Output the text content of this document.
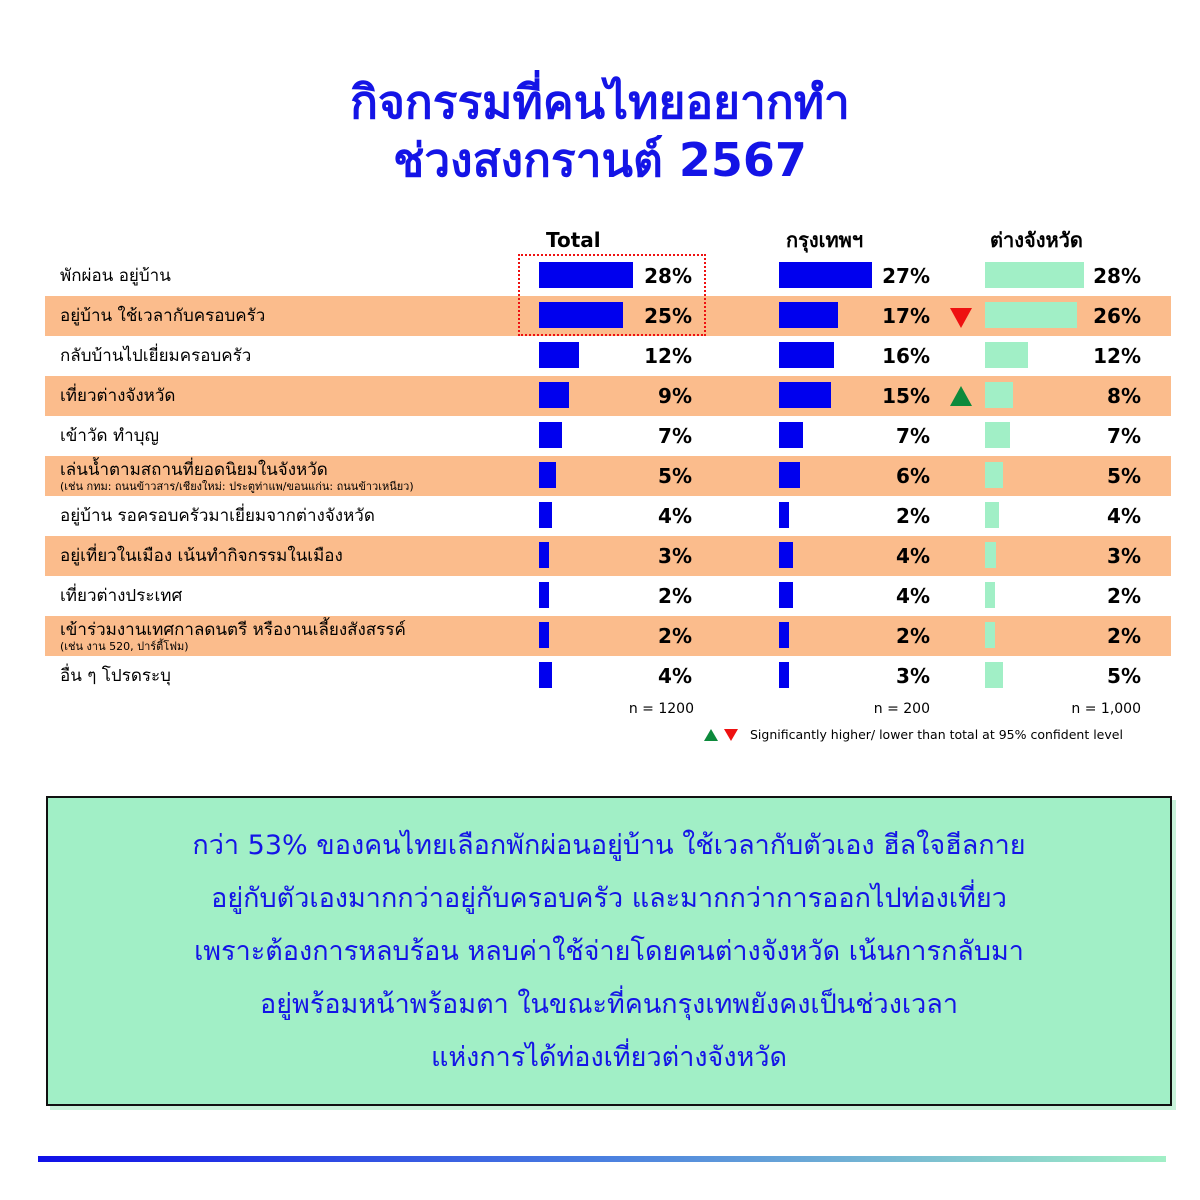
กิจกรรมที่คนไทยอยากทำ
ช่วงสงกรานต์ 2567
Total
n = 1200
กรุงเทพฯ
n = 200
ต่างจังหวัด
n = 1,000
พักผ่อน อยู่บ้าน	28%	27%	28%
อยู่บ้าน ใช้เวลากับครอบครัว	25%	17%	26%
กลับบ้านไปเยี่ยมครอบครัว	12%	16%	12%
เที่ยวต่างจังหวัด	9%	15%	8%
เข้าวัด ทำบุญ	7%	7%	7%
เล่นน้ำตามสถานที่ยอดนิยมในจังหวัด
(เช่น กทม: ถนนข้าวสาร/เชียงใหม่: ประตูท่าแพ/ขอนแก่น: ถนนข้าวเหนียว)	5%	6%	5%
อยู่บ้าน รอครอบครัวมาเยี่ยมจากต่างจังหวัด	4%	2%	4%
อยู่เที่ยวในเมือง เน้นทำกิจกรรมในเมือง	3%	4%	3%
เที่ยวต่างประเทศ	2%	4%	2%
เข้าร่วมงานเทศกาลดนตรี หรืองานเลี้ยงสังสรรค์
(เช่น งาน 520, ปาร์ตี้โฟม)	2%	2%	2%
อื่น ๆ โปรดระบุ	4%	3%	5%
Significantly higher/ lower than total at 95% confident level
กว่า 53% ของคนไทยเลือกพักผ่อนอยู่บ้าน ใช้เวลากับตัวเอง ฮีลใจฮีลกาย
อยู่กับตัวเองมากกว่าอยู่กับครอบครัว และมากกว่าการออกไปท่องเที่ยว
เพราะต้องการหลบร้อน หลบค่าใช้จ่ายโดยคนต่างจังหวัด เน้นการกลับมา
อยู่พร้อมหน้าพร้อมตา ในขณะที่คนกรุงเทพยังคงเป็นช่วงเวลา
แห่งการได้ท่องเที่ยวต่างจังหวัด
